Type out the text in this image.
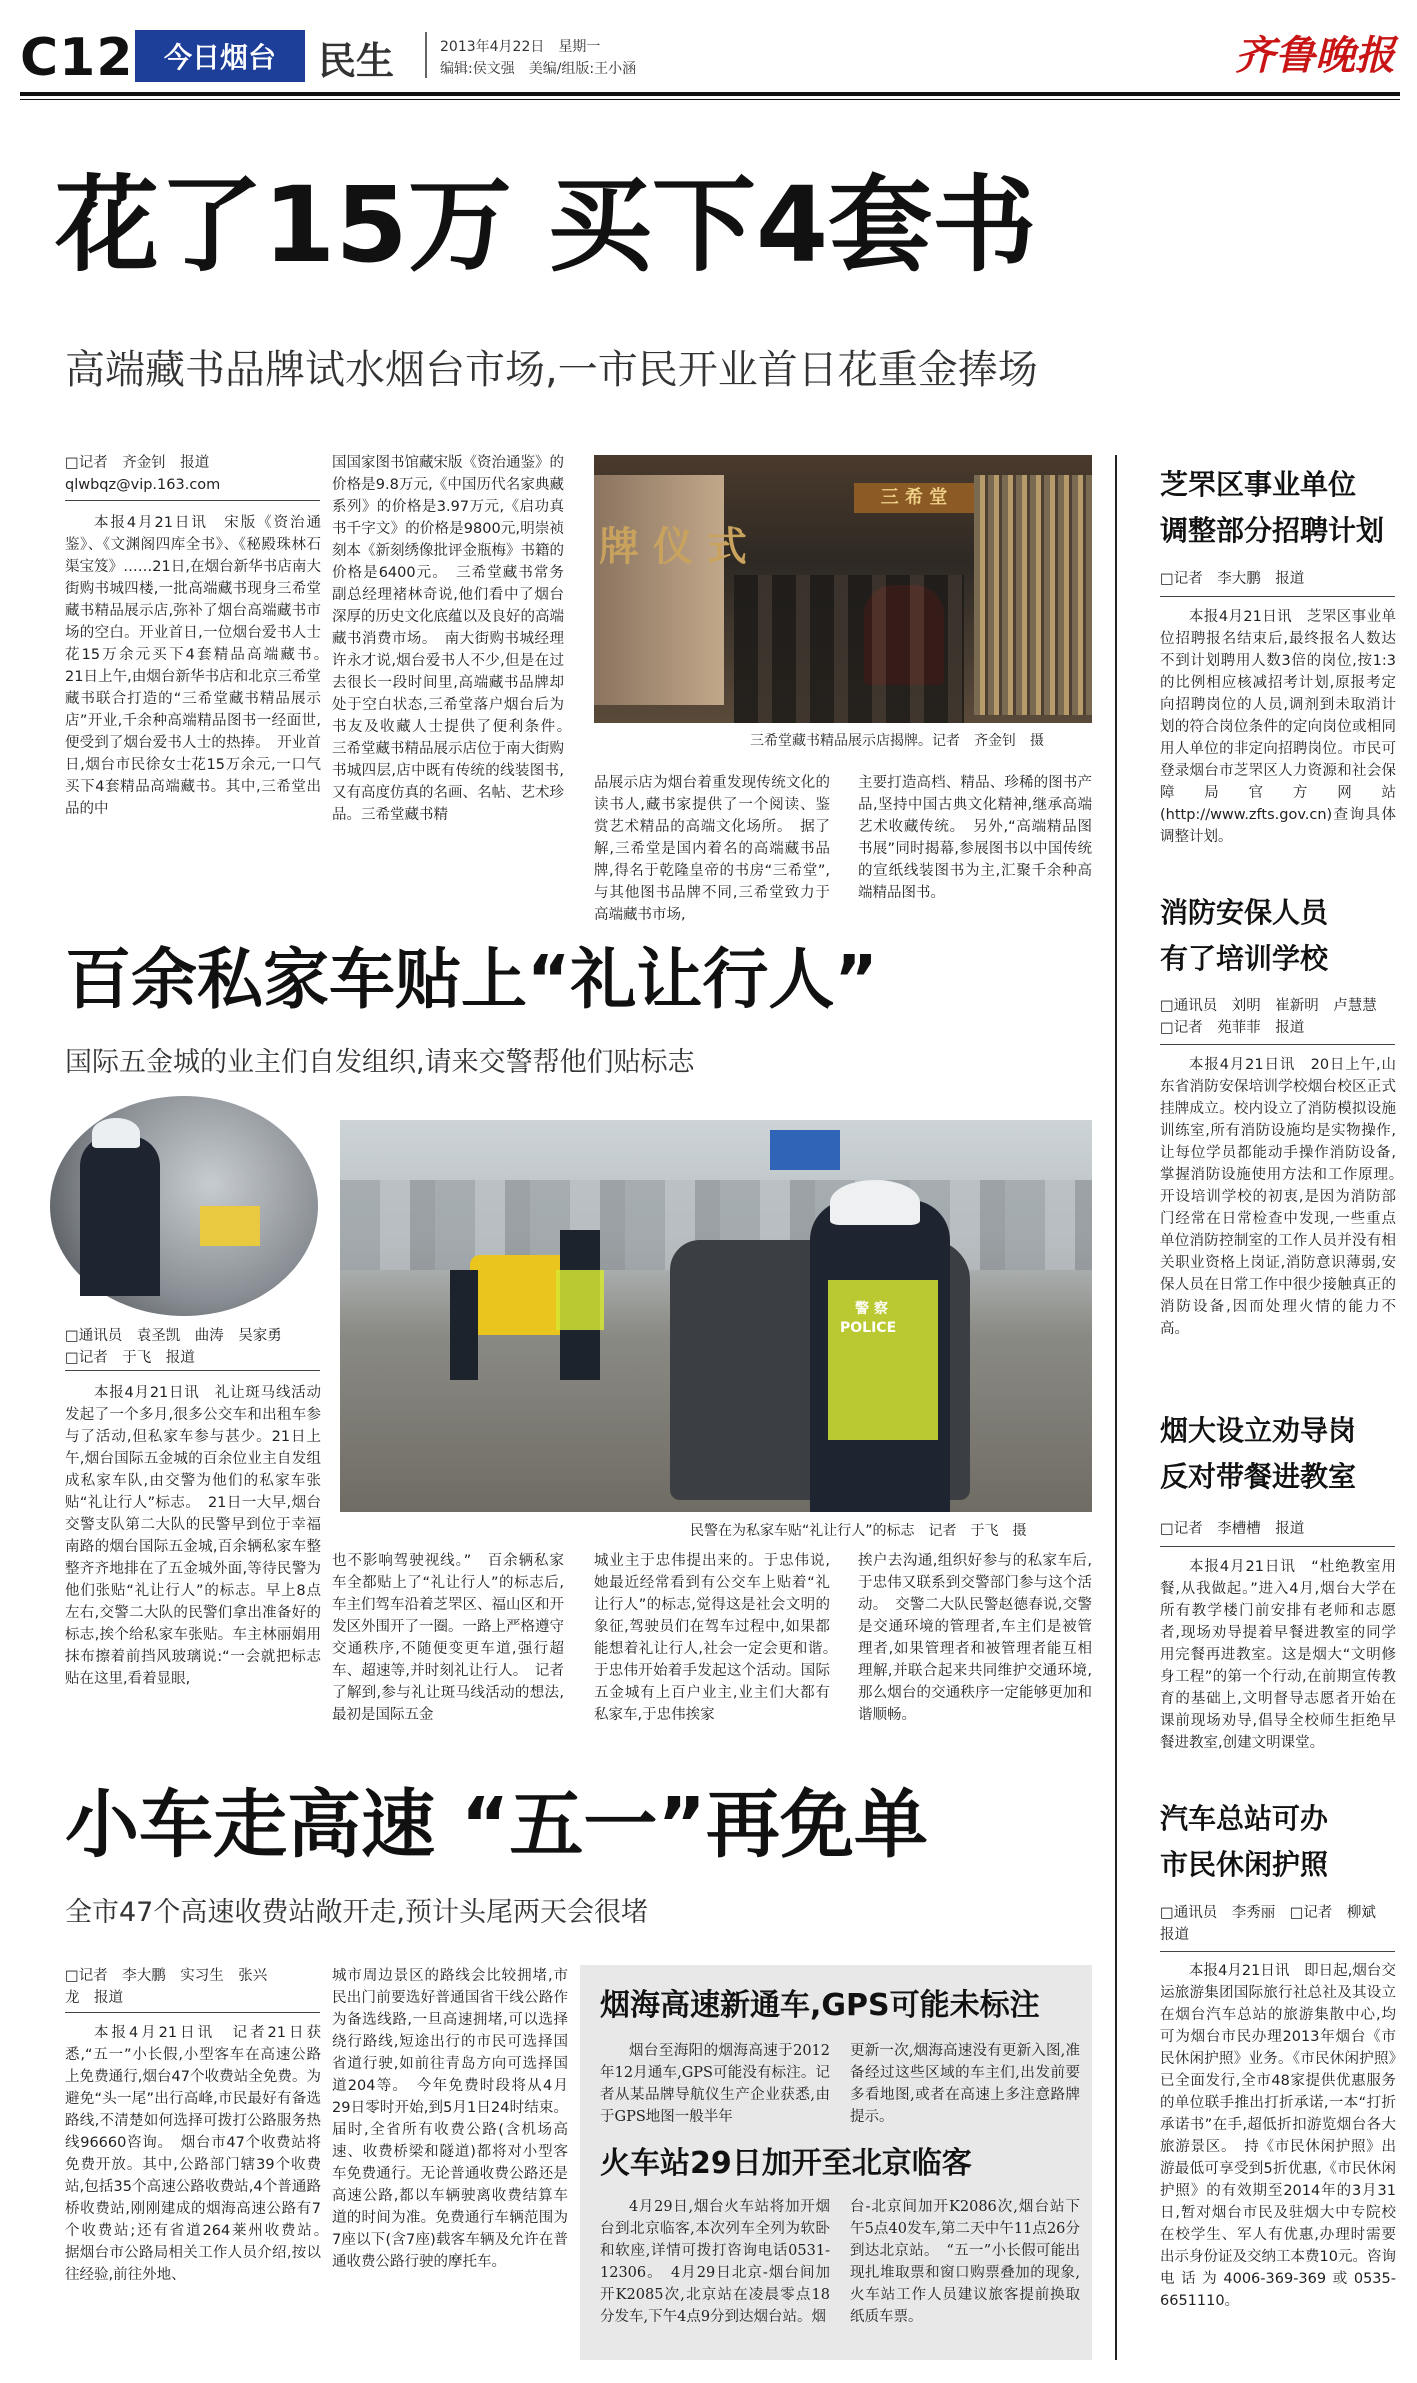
C12	今日烟台	民生	2013年4月22日　星期一
编辑:侯文强　美编/组版:王小涵	齐鲁晚报
花了15万 买下4套书
高端藏书品牌试水烟台市场,一市民开业首日花重金捧场
□记者　齐金钊　报道
qlwbqz@vip.163.com

本报4月21日讯　宋版《资治通鉴》、《文渊阁四库全书》、《秘殿珠林石渠宝笈》……21日,在烟台新华书店南大街购书城四楼,一批高端藏书现身三希堂藏书精品展示店,弥补了烟台高端藏书市场的空白。开业首日,一位烟台爱书人士花15万余元买下4套精品高端藏书。　21日上午,由烟台新华书店和北京三希堂藏书联合打造的“三希堂藏书精品展示店”开业,千余种高端精品图书一经面世,便受到了烟台爱书人士的热捧。　开业首日,烟台市民徐女士花15万余元,一口气买下4套精品高端藏书。其中,三希堂出品的中

国国家图书馆藏宋版《资治通鉴》的价格是9.8万元,《中国历代名家典藏系列》的价格是3.97万元,《启功真书千字文》的价格是9800元,明崇祯刻本《新刻绣像批评金瓶梅》书籍的价格是6400元。　三希堂藏书常务副总经理褚林奇说,他们看中了烟台深厚的历史文化底蕴以及良好的高端藏书消费市场。　南大街购书城经理许永才说,烟台爱书人不少,但是在过去很长一段时间里,高端藏书品牌却处于空白状态,三希堂落户烟台后为书友及收藏人士提供了便利条件。　三希堂藏书精品展示店位于南大街购书城四层,店中既有传统的线装图书,又有高度仿真的名画、名帖、艺术珍品。三希堂藏书精

牌 仪 式
三 希 堂
三希堂藏书精品展示店揭牌。记者　齐金钊　摄

品展示店为烟台着重发现传统文化的读书人,藏书家提供了一个阅读、鉴赏艺术精品的高端文化场所。　据了解,三希堂是国内着名的高端藏书品牌,得名于乾隆皇帝的书房“三希堂”,与其他图书品牌不同,三希堂致力于高端藏书市场,

主要打造高档、精品、珍稀的图书产品,坚持中国古典文化精神,继承高端艺术收藏传统。　另外,“高端精品图书展”同时揭幕,参展图书以中国传统的宣纸线装图书为主,汇聚千余种高端精品图书。

百余私家车贴上“礼让行人”
国际五金城的业主们自发组织,请来交警帮他们贴标志
□通讯员　袁圣凯　曲涛　吴家勇
□记者　于飞　报道

本报4月21日讯　礼让斑马线活动发起了一个多月,很多公交车和出租车参与了活动,但私家车参与甚少。21日上午,烟台国际五金城的百余位业主自发组成私家车队,由交警为他们的私家车张贴“礼让行人”标志。　21日一大早,烟台交警支队第二大队的民警早到位于幸福南路的烟台国际五金城,百余辆私家车整整齐齐地排在了五金城外面,等待民警为他们张贴“礼让行人”的标志。早上8点左右,交警二大队的民警们拿出准备好的标志,挨个给私家车张贴。车主林丽娟用抹布擦着前挡风玻璃说:“一会就把标志贴在这里,看着显眼,

POLICE
警 察
民警在为私家车贴“礼让行人”的标志　记者　于飞　摄

也不影响驾驶视线。”　百余辆私家车全都贴上了“礼让行人”的标志后,车主们驾车沿着芝罘区、福山区和开发区外围开了一圈。一路上严格遵守交通秩序,不随便变更车道,强行超车、超速等,并时刻礼让行人。　记者了解到,参与礼让斑马线活动的想法,最初是国际五金

城业主于忠伟提出来的。于忠伟说,她最近经常看到有公交车上贴着“礼让行人”的标志,觉得这是社会文明的象征,驾驶员们在驾车过程中,如果都能想着礼让行人,社会一定会更和谐。　于忠伟开始着手发起这个活动。国际五金城有上百户业主,业主们大都有私家车,于忠伟挨家

挨户去沟通,组织好参与的私家车后,于忠伟又联系到交警部门参与这个活动。　交警二大队民警赵德春说,交警是交通环境的管理者,车主们是被管理者,如果管理者和被管理者能互相理解,并联合起来共同维护交通环境,那么烟台的交通秩序一定能够更加和谐顺畅。

小车走高速 “五一”再免单
全市47个高速收费站敞开走,预计头尾两天会很堵
□记者　李大鹏　实习生　张兴
龙　报道

本报4月21日讯　记者21日获悉,“五一”小长假,小型客车在高速公路上免费通行,烟台47个收费站全免费。为避免“头一尾”出行高峰,市民最好有备选路线,不清楚如何选择可拨打公路服务热线96660咨询。　烟台市47个收费站将免费开放。其中,公路部门辖39个收费站,包括35个高速公路收费站,4个普通路桥收费站,刚刚建成的烟海高速公路有7个收费站;还有省道264莱州收费站。　据烟台市公路局相关工作人员介绍,按以往经验,前往外地、

城市周边景区的路线会比较拥堵,市民出门前要选好普通国省干线公路作为备选线路,一旦高速拥堵,可以选择绕行路线,短途出行的市民可选择国省道行驶,如前往青岛方向可选择国道204等。　今年免费时段将从4月29日零时开始,到5月1日24时结束。届时,全省所有收费公路(含机场高速、收费桥梁和隧道)都将对小型客车免费通行。无论普通收费公路还是高速公路,都以车辆驶离收费结算车道的时间为准。免费通行车辆范围为7座以下(含7座)载客车辆及允许在普通收费公路行驶的摩托车。

烟海高速新通车,GPS可能未标注

烟台至海阳的烟海高速于2012年12月通车,GPS可能没有标注。记者从某品牌导航仪生产企业获悉,由于GPS地图一般半年

更新一次,烟海高速没有更新入图,准备经过这些区域的车主们,出发前要多看地图,或者在高速上多注意路牌提示。

火车站29日加开至北京临客

4月29日,烟台火车站将加开烟台到北京临客,本次列车全列为软卧和软座,详情可拨打咨询电话0531-12306。　4月29日北京-烟台间加开K2085次,北京站在凌晨零点18分发车,下午4点9分到达烟台站。烟

台-北京间加开K2086次,烟台站下午5点40发车,第二天中午11点26分到达北京站。　“五一”小长假可能出现扎堆取票和窗口购票叠加的现象,火车站工作人员建议旅客提前换取纸质车票。

芝罘区事业单位
调整部分招聘计划
□记者　李大鹏　报道

本报4月21日讯　芝罘区事业单位招聘报名结束后,最终报名人数达不到计划聘用人数3倍的岗位,按1:3的比例相应核减招考计划,原报考定向招聘岗位的人员,调剂到未取消计划的符合岗位条件的定向岗位或相同用人单位的非定向招聘岗位。市民可登录烟台市芝罘区人力资源和社会保障局官方网站(http://www.zfts.gov.cn)查询具体调整计划。

消防安保人员
有了培训学校
□通讯员　刘明　崔新明　卢慧慧　□记者　苑菲菲　报道

本报4月21日讯　20日上午,山东省消防安保培训学校烟台校区正式挂牌成立。校内设立了消防模拟设施训练室,所有消防设施均是实物操作,让每位学员都能动手操作消防设备,掌握消防设施使用方法和工作原理。　开设培训学校的初衷,是因为消防部门经常在日常检查中发现,一些重点单位消防控制室的工作人员并没有相关职业资格上岗证,消防意识薄弱,安保人员在日常工作中很少接触真正的消防设备,因而处理火情的能力不高。

烟大设立劝导岗
反对带餐进教室
□记者　李槽槽　报道

本报4月21日讯　“杜绝教室用餐,从我做起。”进入4月,烟台大学在所有教学楼门前安排有老师和志愿者,现场劝导提着早餐进教室的同学用完餐再进教室。这是烟大“文明修身工程”的第一个行动,在前期宣传教育的基础上,文明督导志愿者开始在课前现场劝导,倡导全校师生拒绝早餐进教室,创建文明课堂。

汽车总站可办
市民休闲护照
□通讯员　李秀丽　□记者　柳斌　报道

本报4月21日讯　即日起,烟台交运旅游集团国际旅行社总社及其设立在烟台汽车总站的旅游集散中心,均可为烟台市民办理2013年烟台《市民休闲护照》业务。《市民休闲护照》已全面发行,全市48家提供优惠服务的单位联手推出打折承诺,一本“打折承诺书”在手,超低折扣游览烟台各大旅游景区。　持《市民休闲护照》出游最低可享受到5折优惠,《市民休闲护照》的有效期至2014年的3月31日,暂对烟台市民及驻烟大中专院校在校学生、军人有优惠,办理时需要出示身份证及交纳工本费10元。咨询电话为4006-369-369或0535-6651110。
